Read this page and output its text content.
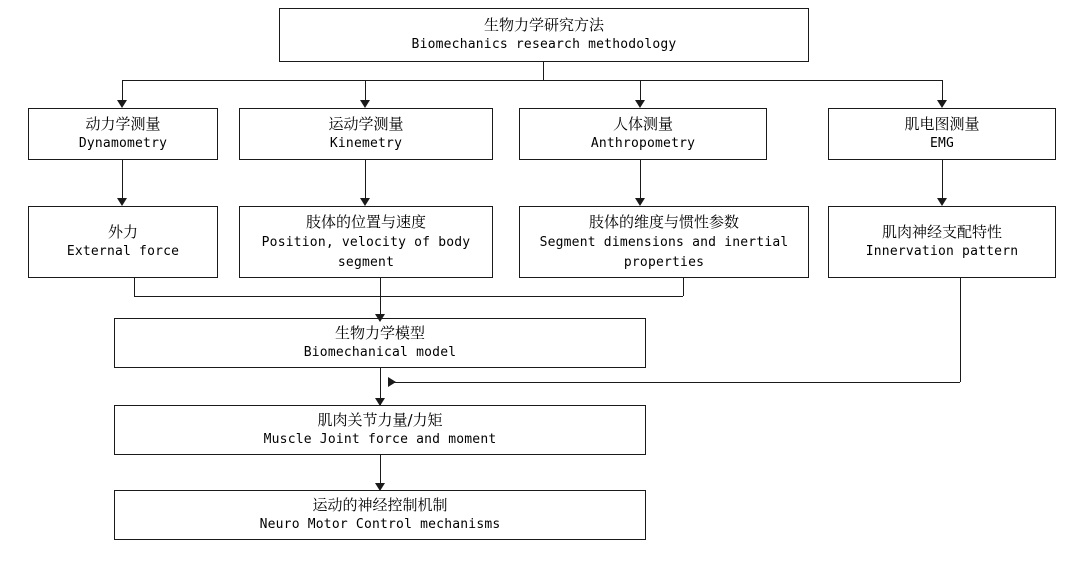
生物力学研究方法
Biomechanics research methodology
动力学测量
Dynamometry
运动学测量
Kinemetry
人体测量
Anthropometry
肌电图测量
EMG
外力
External force
肢体的位置与速度
Position, velocity of body segment
肢体的维度与惯性参数
Segment dimensions and inertial properties
肌肉神经支配特性
Innervation pattern
生物力学模型
Biomechanical model
肌肉关节力量/力矩
Muscle Joint force and moment
运动的神经控制机制
Neuro Motor Control mechanisms
